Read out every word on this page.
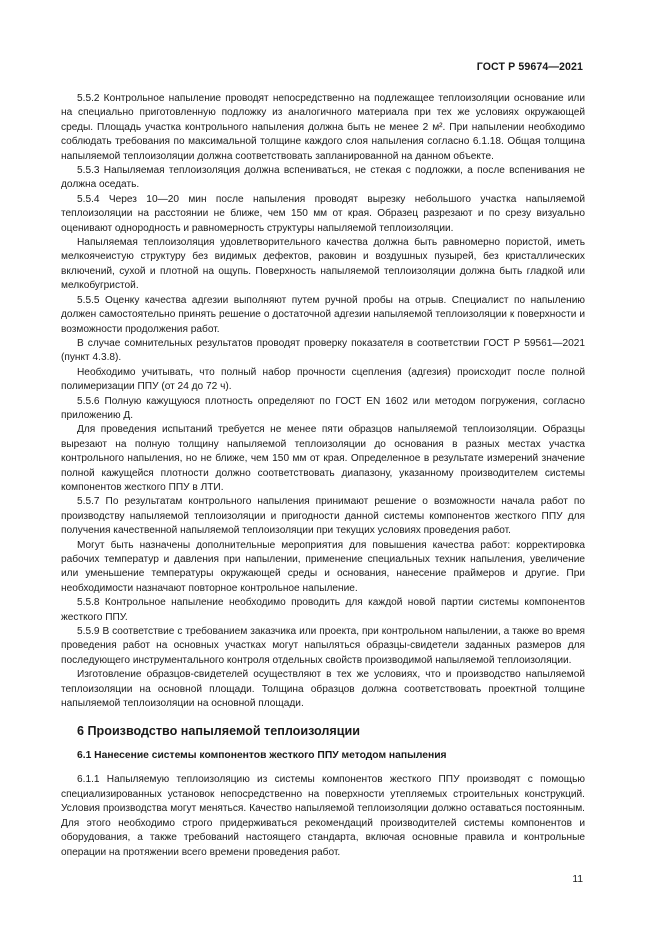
ГОСТ Р 59674—2021

5.5.2 Контрольное напыление проводят непосредственно на подлежащее теплоизоляции основание или на специально приготовленную подложку из аналогичного материала при тех же условиях окружающей среды. Площадь участка контрольного напыления должна быть не менее 2 м². При напылении необходимо соблюдать требования по максимальной толщине каждого слоя напыления согласно 6.1.18. Общая толщина напыляемой теплоизоляции должна соответствовать запланированной на данном объекте.

5.5.3 Напыляемая теплоизоляция должна вспениваться, не стекая с подложки, а после вспенивания не должна оседать.

5.5.4 Через 10—20 мин после напыления проводят вырезку небольшого участка напыляемой теплоизоляции на расстоянии не ближе, чем 150 мм от края. Образец разрезают и по срезу визуально оценивают однородность и равномерность структуры напыляемой теплоизоляции.

Напыляемая теплоизоляция удовлетворительного качества должна быть равномерно пористой, иметь мелкоячеистую структуру без видимых дефектов, раковин и воздушных пузырей, без кристаллических включений, сухой и плотной на ощупь. Поверхность напыляемой теплоизоляции должна быть гладкой или мелкобугристой.

5.5.5 Оценку качества адгезии выполняют путем ручной пробы на отрыв. Специалист по напылению должен самостоятельно принять решение о достаточной адгезии напыляемой теплоизоляции к поверхности и возможности продолжения работ.

В случае сомнительных результатов проводят проверку показателя в соответствии ГОСТ Р 59561—2021 (пункт 4.3.8).

Необходимо учитывать, что полный набор прочности сцепления (адгезия) происходит после полной полимеризации ППУ (от 24 до 72 ч).

5.5.6 Полную кажущуюся плотность определяют по ГОСТ EN 1602 или методом погружения, согласно приложению Д.

Для проведения испытаний требуется не менее пяти образцов напыляемой теплоизоляции. Образцы вырезают на полную толщину напыляемой теплоизоляции до основания в разных местах участка контрольного напыления, но не ближе, чем 150 мм от края. Определенное в результате измерений значение полной кажущейся плотности должно соответствовать диапазону, указанному производителем системы компонентов жесткого ППУ в ЛТИ.

5.5.7 По результатам контрольного напыления принимают решение о возможности начала работ по производству напыляемой теплоизоляции и пригодности данной системы компонентов жесткого ППУ для получения качественной напыляемой теплоизоляции при текущих условиях проведения работ.

Могут быть назначены дополнительные мероприятия для повышения качества работ: корректировка рабочих температур и давления при напылении, применение специальных техник напыления, увеличение или уменьшение температуры окружающей среды и основания, нанесение праймеров и другие. При необходимости назначают повторное контрольное напыление.

5.5.8 Контрольное напыление необходимо проводить для каждой новой партии системы компонентов жесткого ППУ.

5.5.9 В соответствие с требованием заказчика или проекта, при контрольном напылении, а также во время проведения работ на основных участках могут напыляться образцы-свидетели заданных размеров для последующего инструментального контроля отдельных свойств производимой напыляемой теплоизоляции.

Изготовление образцов-свидетелей осуществляют в тех же условиях, что и производство напыляемой теплоизоляции на основной площади. Толщина образцов должна соответствовать проектной толщине напыляемой теплоизоляции на основной площади.

6 Производство напыляемой теплоизоляции
6.1 Нанесение системы компонентов жесткого ППУ методом напыления

6.1.1 Напыляемую теплоизоляцию из системы компонентов жесткого ППУ производят с помощью специализированных установок непосредственно на поверхности утепляемых строительных конструкций. Условия производства могут меняться. Качество напыляемой теплоизоляции должно оставаться постоянным. Для этого необходимо строго придерживаться рекомендаций производителей системы компонентов и оборудования, а также требований настоящего стандарта, включая основные правила и контрольные операции на протяжении всего времени проведения работ.

11
